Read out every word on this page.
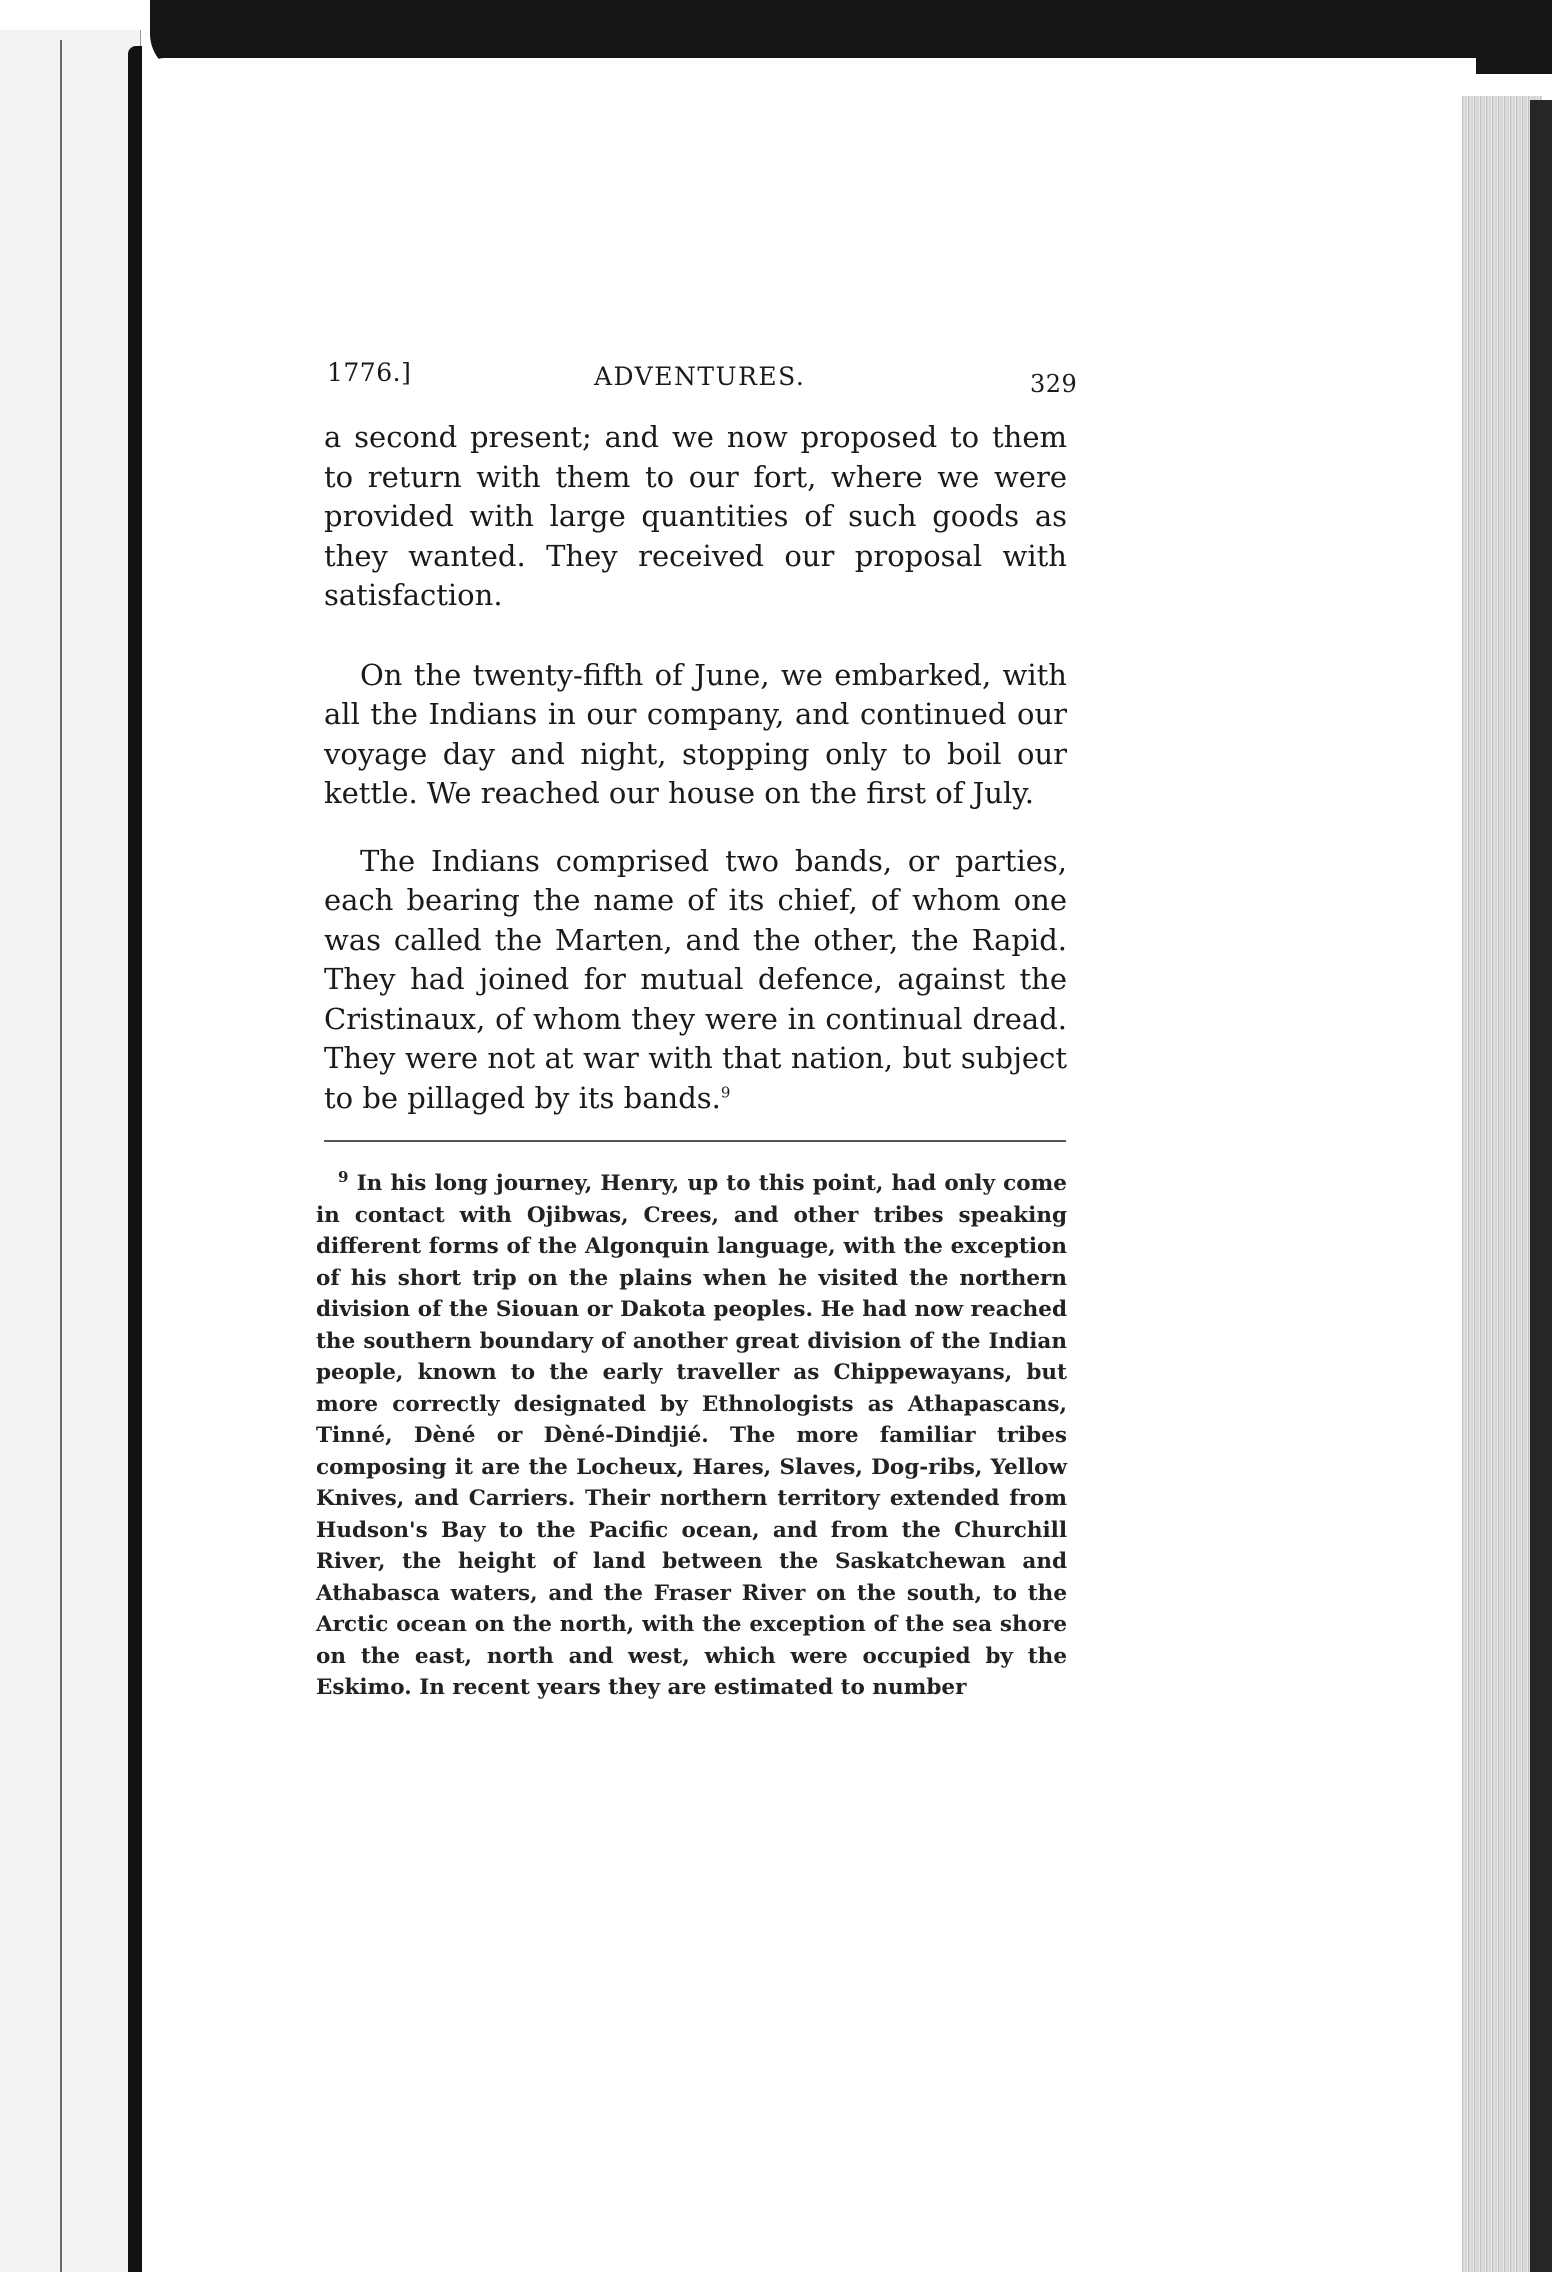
1776.]	ADVENTURES.	329

a second present; and we now proposed to them to return with them to our fort, where we were provided with large quantities of such goods as they wanted. They received our proposal with satisfaction.

On the twenty-fifth of June, we embarked, with all the Indians in our company, and continued our voyage day and night, stopping only to boil our kettle. We reached our house on the first of July.

The Indians comprised two bands, or parties, each bearing the name of its chief, of whom one was called the Marten, and the other, the Rapid. They had joined for mutual defence, against the Cristinaux, of whom they were in continual dread. They were not at war with that nation, but subject to be pillaged by its bands.$^9$

$^9$ In his long journey, Henry, up to this point, had only come in contact with Ojibwas, Crees, and other tribes speaking different forms of the Algonquin language, with the exception of his short trip on the plains when he visited the northern division of the Siouan or Dakota peoples. He had now reached the southern boundary of another great division of the Indian people, known to the early traveller as Chippewayans, but more correctly designated by Ethnologists as Athapascans, Tinné, Dèné or Dèné-Dindjié. The more familiar tribes composing it are the Locheux, Hares, Slaves, Dog-ribs, Yellow Knives, and Carriers. Their northern territory extended from Hudson's Bay to the Pacific ocean, and from the Churchill River, the height of land between the Saskatchewan and Athabasca waters, and the Fraser River on the south, to the Arctic ocean on the north, with the exception of the sea shore on the east, north and west, which were occupied by the Eskimo. In recent years they are estimated to number
